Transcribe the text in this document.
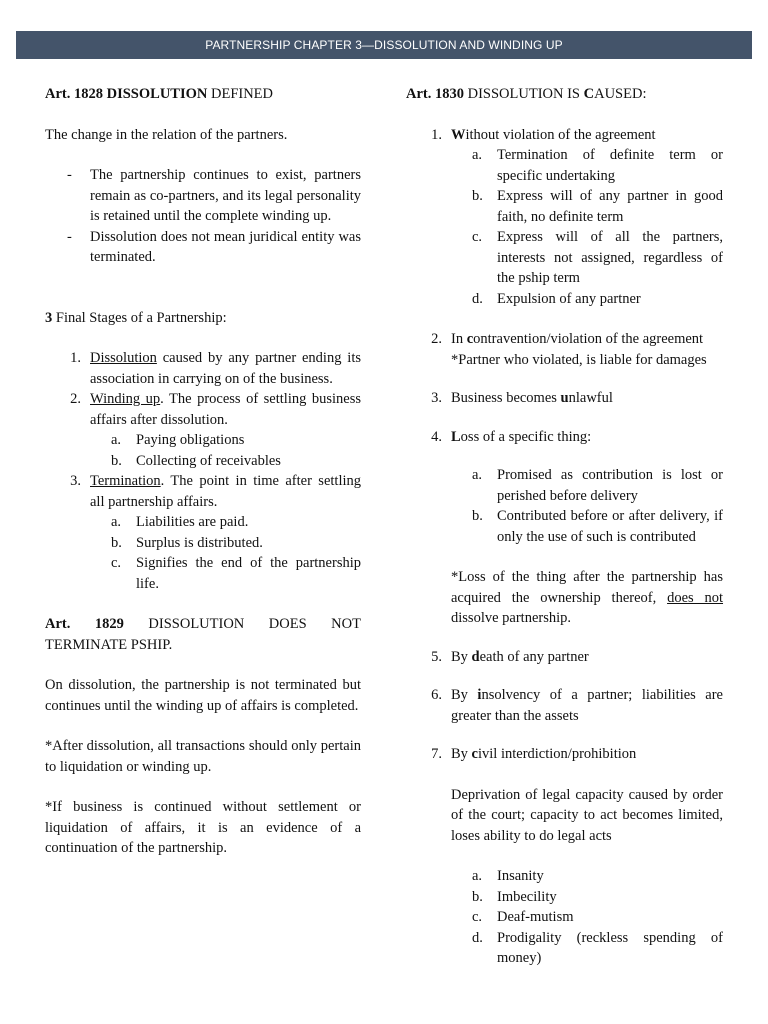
PARTNERSHIP CHAPTER 3—DISSOLUTION AND WINDING UP

Art. 1828 DISSOLUTION DEFINED

The change in the relation of the partners.

- The partnership continues to exist, partners remain as co-partners, and its legal personality is retained until the complete winding up.
- Dissolution does not mean juridical entity was terminated.

3 Final Stages of a Partnership:

1. Dissolution caused by any partner ending its association in carrying on of the business.
2. Winding up. The process of settling business affairs after dissolution.
a.	Paying obligations
b. Collecting of receivables
3. Termination. The point in time after settling all partnership affairs.
a.	Liabilities are paid.
b. Surplus is distributed.
c.	Signifies the end of the partnership life.

Art. 1829 DISSOLUTION DOES NOT TERMINATE PSHIP.

On dissolution, the partnership is not terminated but continues until the winding up of affairs is completed.

*After dissolution, all transactions should only pertain to liquidation or winding up.

*If business is continued without settlement or liquidation of affairs, it is an evidence of a continuation of the partnership.

Art. 1830 DISSOLUTION IS CAUSED:

1. Without violation of the agreement
a.	Termination of definite term or specific undertaking
b. Express will of any partner in good faith, no definite term
c.	Express will of all the partners, interests not assigned, regardless of the pship term
d. Expulsion of any partner
2. In contravention/violation of the agreement
*Partner who violated, is liable for damages
3. Business becomes unlawful
4. Loss of a specific thing:
a.	Promised as contribution is lost or perished before delivery
b. Contributed before or after delivery, if only the use of such is contributed
*Loss of the thing after the partnership has acquired the ownership thereof, does not dissolve partnership.
5. By death of any partner
6. By insolvency of a partner; liabilities are greater than the assets
7. By civil interdiction/prohibition
Deprivation of legal capacity caused by order of the court; capacity to act becomes limited, loses ability to do legal acts
a.	Insanity
b. Imbecility
c.	Deaf-mutism
d. Prodigality (reckless spending of money)
